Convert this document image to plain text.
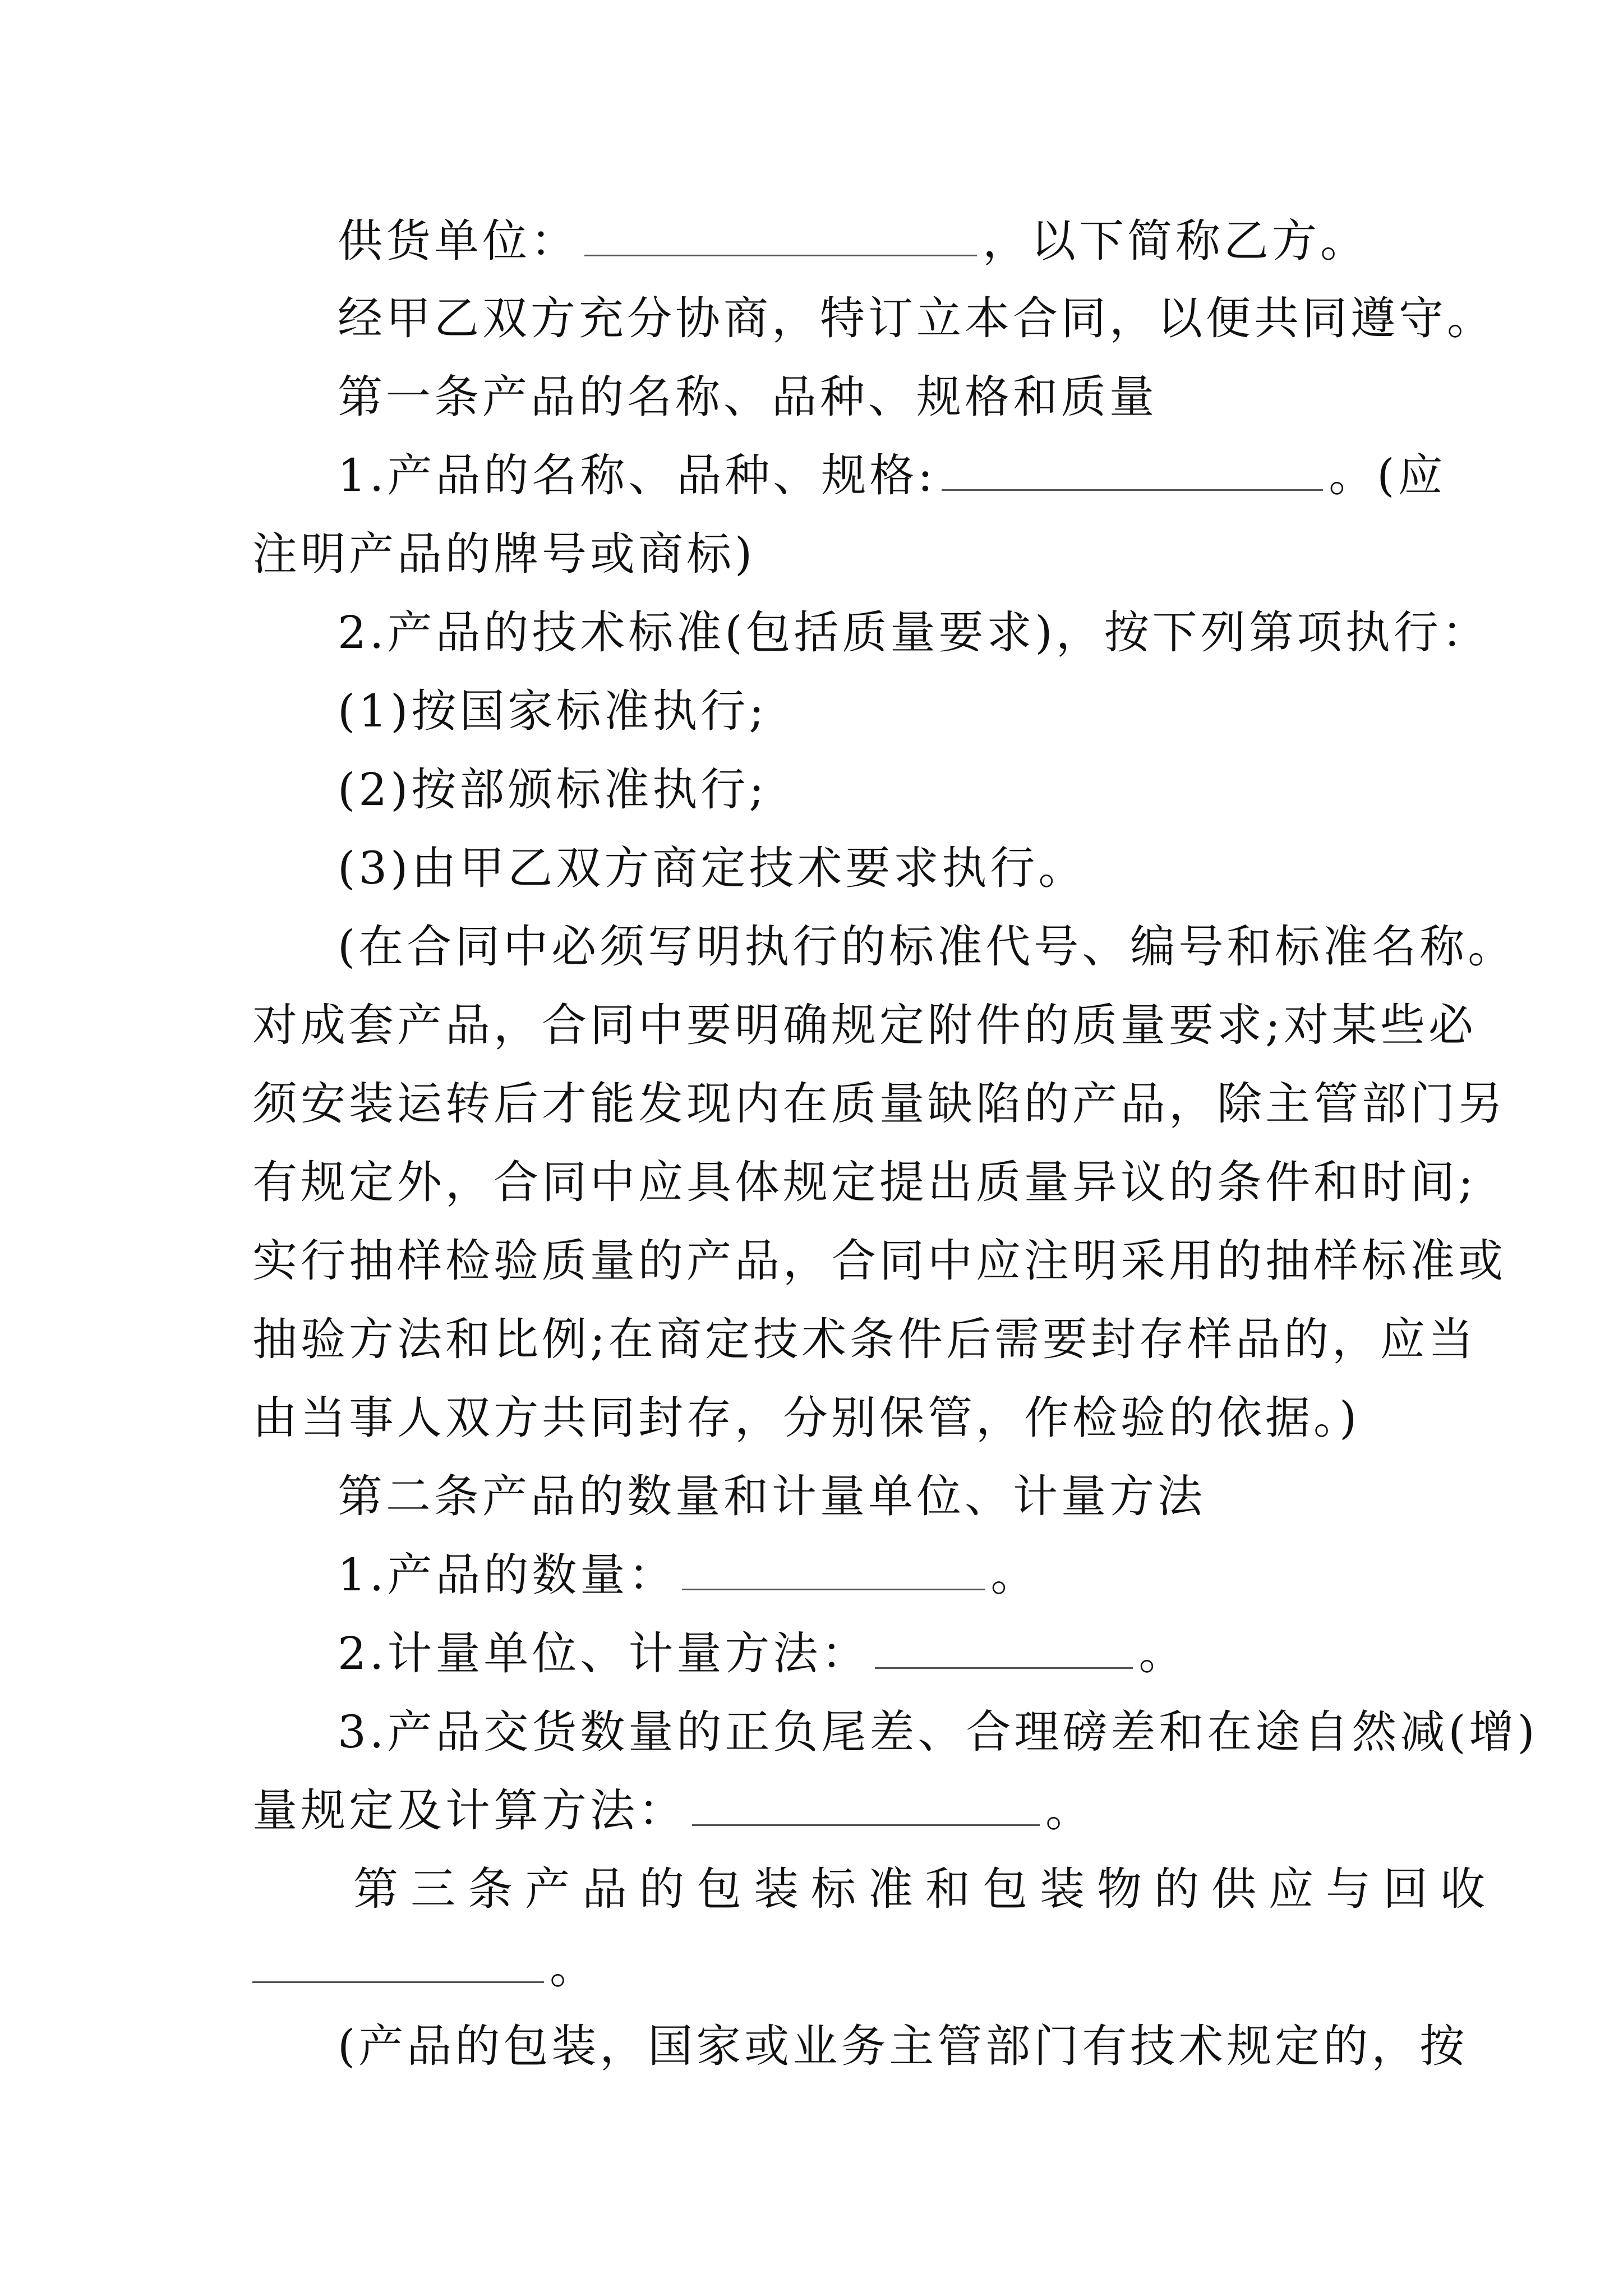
供货单位：	，以下简称乙方。
经甲乙双方充分协商，特订立本合同，以便共同遵守。
第一条产品的名称、品种、规格和质量
1.产品的名称、品种、规格:	。(应
注明产品的牌号或商标)
2.产品的技术标准(包括质量要求)，按下列第项执行：
(1)按国家标准执行;
(2)按部颁标准执行;
(3)由甲乙双方商定技术要求执行。
(在合同中必须写明执行的标准代号、编号和标准名称。
对成套产品，合同中要明确规定附件的质量要求;对某些必
须安装运转后才能发现内在质量缺陷的产品，除主管部门另
有规定外，合同中应具体规定提出质量异议的条件和时间;
实行抽样检验质量的产品，合同中应注明采用的抽样标准或
抽验方法和比例;在商定技术条件后需要封存样品的，应当
由当事人双方共同封存，分别保管，作检验的依据。)
第二条产品的数量和计量单位、计量方法
1.产品的数量：	。
2.计量单位、计量方法：	。
3.产品交货数量的正负尾差、合理磅差和在途自然减(增)
量规定及计算方法：	。
第三条产品的包装标准和包装物的供应与回收
。
(产品的包装，国家或业务主管部门有技术规定的，按
